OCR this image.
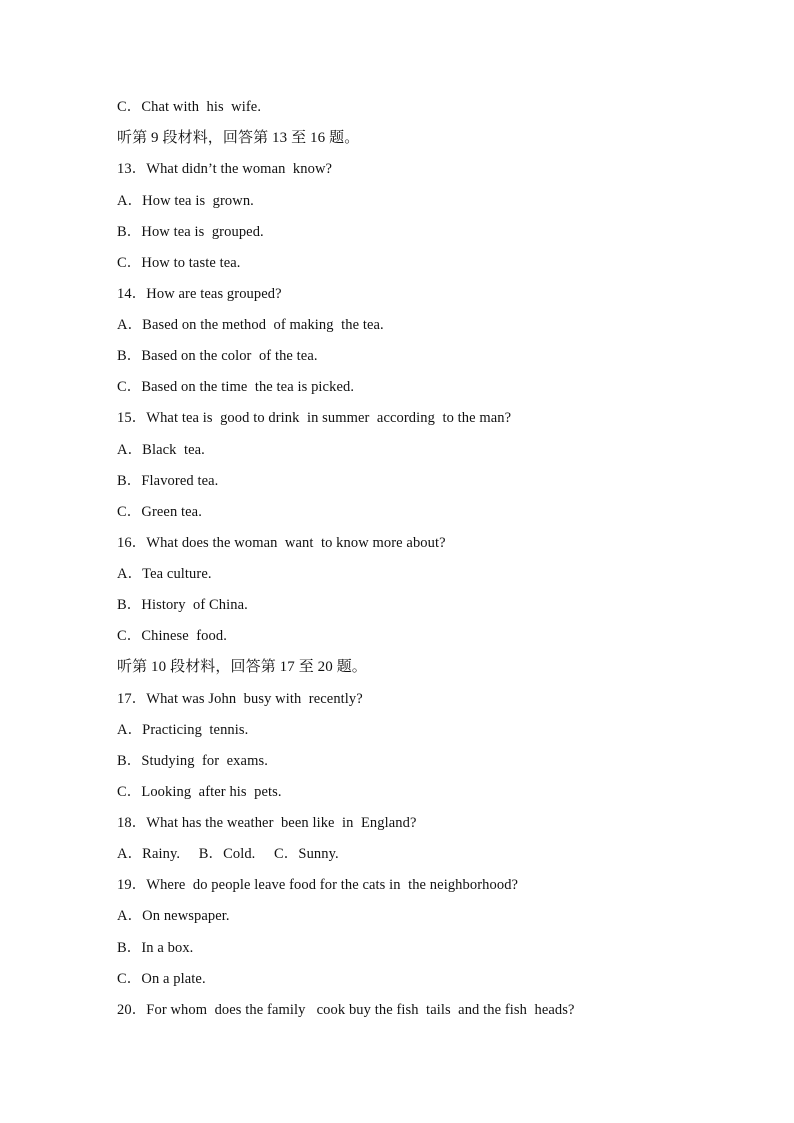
C．Chat with  his  wife.
听第 9 段材料，回答第 13 至 16 题。
13．What didn’t the woman  know?
A．How tea is  grown.
B．How tea is  grouped.
C．How to taste tea.
14．How are teas grouped?
A．Based on the method  of making  the tea.
B．Based on the color  of the tea.
C．Based on the time  the tea is picked.
15．What tea is  good to drink  in summer  according  to the man?
A．Black  tea.
B．Flavored tea.
C．Green tea.
16．What does the woman  want  to know more about?
A．Tea culture.
B．History  of China.
C．Chinese  food.
听第 10 段材料，回答第 17 至 20 题。
17．What was John  busy with  recently?
A．Practicing  tennis.
B．Studying  for  exams.
C．Looking  after his  pets.
18．What has the weather  been like  in  England?
A．Rainy.     B．Cold.     C．Sunny.
19．Where  do people leave food for the cats in  the neighborhood?
A．On newspaper.
B．In a box.
C．On a plate.
20．For whom  does the family   cook buy the fish  tails  and the fish  heads?
